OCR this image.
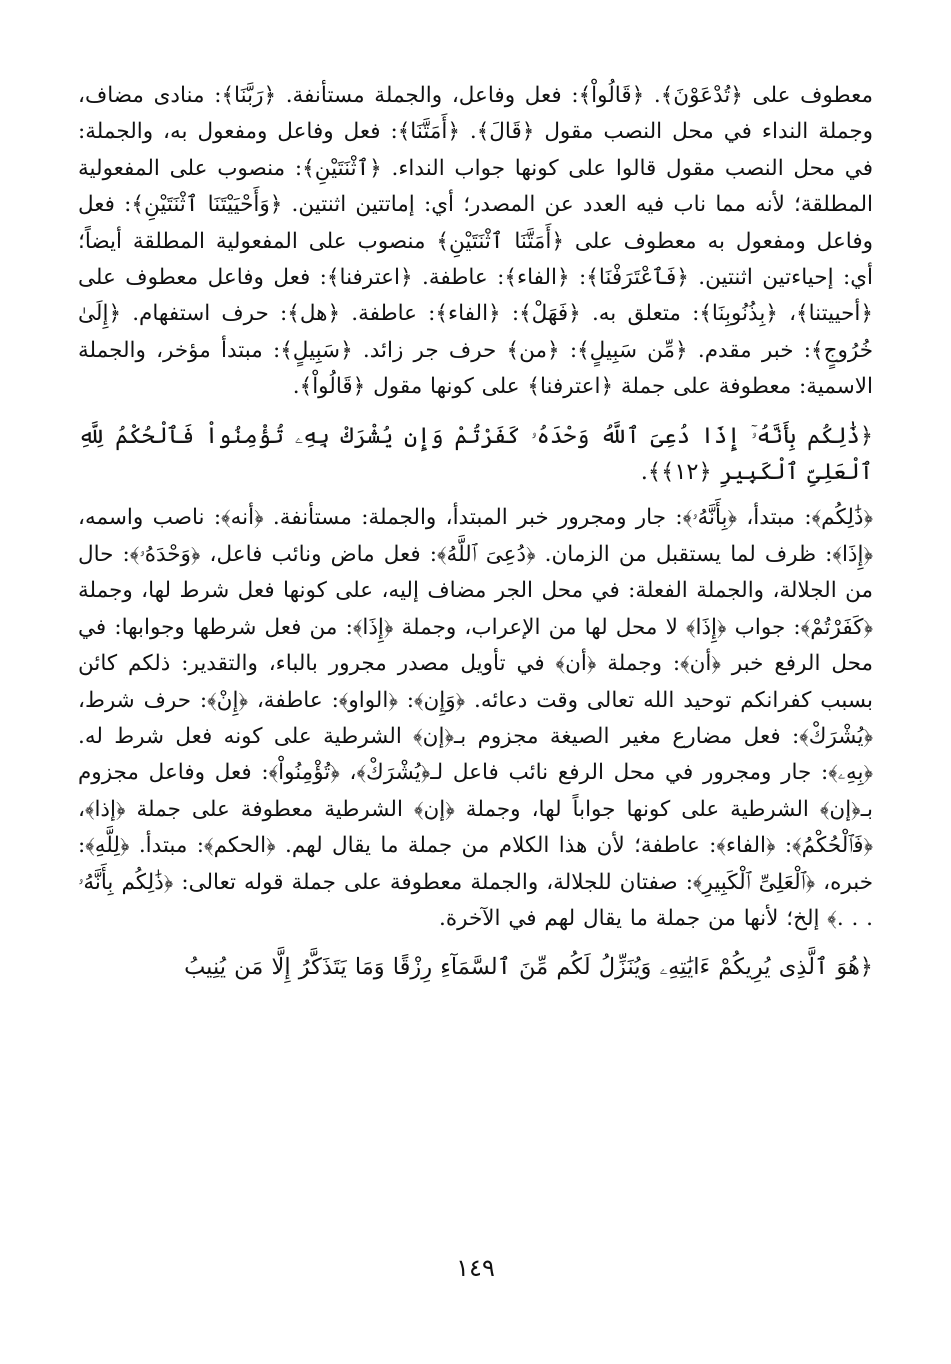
معطوف على ﴿تُدْعَوْنَ﴾. ﴿قَالُواْ﴾: فعل وفاعل، والجملة مستأنفة. ﴿رَبَّنَا﴾: منادى مضاف، وجملة النداء في محل النصب مقول ﴿قَالَ﴾. ﴿أَمَتَّنَا﴾: فعل وفاعل ومفعول به، والجملة: في محل النصب مقول قالوا على كونها جواب النداء. ﴿ٱثْنَتَيْنِ﴾: منصوب على المفعولية المطلقة؛ لأنه مما ناب فيه العدد عن المصدر؛ أي: إماتتين اثنتين. ﴿وَأَحْيَيْتَنَا ٱثْنَتَيْنِ﴾: فعل وفاعل ومفعول به معطوف على ﴿أَمَتَّنَا ٱثْنَتَيْنِ﴾ منصوب على المفعولية المطلقة أيضاً؛ أي: إحياءتين اثنتين. ﴿فَٱعْتَرَفْنَا﴾: ﴿الفاء﴾: عاطفة. ﴿اعترفنا﴾: فعل وفاعل معطوف على ﴿أحييتنا﴾، ﴿بِذُنُوبِنَا﴾: متعلق به. ﴿فَهَلْ﴾: ﴿الفاء﴾: عاطفة. ﴿هل﴾: حرف استفهام. ﴿إِلَىٰ خُرُوجٍ﴾: خبر مقدم. ﴿مِّن سَبِيلٍ﴾: ﴿من﴾ حرف جر زائد. ﴿سَبِيلٍ﴾: مبتدأ مؤخر، والجملة الاسمية: معطوفة على جملة ﴿اعترفنا﴾ على كونها مقول ﴿قَالُواْ﴾.

﴿ذَٰلِكُم بِأَنَّهُۥٓ إِذَا دُعِىَ ٱللَّهُ وَحْدَهُۥ كَفَرْتُمْ وَإِن يُشْرَكْ بِهِۦ تُؤْمِنُواْ فَٱلْحُكْمُ لِلَّهِ ٱلْعَلِىِّ ٱلْكَبِيرِ ﴿١٢﴾﴾.

﴿ذَٰلِكُم﴾: مبتدأ، ﴿بِأَنَّهُۥ﴾: جار ومجرور خبر المبتدأ، والجملة: مستأنفة. ﴿أنه﴾: ناصب واسمه، ﴿إِذَا﴾: ظرف لما يستقبل من الزمان. ﴿دُعِىَ ٱللَّهُ﴾: فعل ماض ونائب فاعل، ﴿وَحْدَهُۥ﴾: حال من الجلالة، والجملة الفعلة: في محل الجر مضاف إليه، على كونها فعل شرط لها، وجملة ﴿كَفَرْتُمْ﴾: جواب ﴿إِذَا﴾ لا محل لها من الإعراب، وجملة ﴿إِذَا﴾: من فعل شرطها وجوابها: في محل الرفع خبر ﴿أن﴾: وجملة ﴿أن﴾ في تأويل مصدر مجرور بالباء، والتقدير: ذلكم كائن بسبب كفرانكم توحيد الله تعالى وقت دعائه. ﴿وَإِن﴾: ﴿الواو﴾: عاطفة، ﴿إِنْ﴾: حرف شرط، ﴿يُشْرَكْ﴾: فعل مضارع مغير الصيغة مجزوم بـ﴿إن﴾ الشرطية على كونه فعل شرط له. ﴿بِهِۦ﴾: جار ومجرور في محل الرفع نائب فاعل لـ﴿يُشْرَكْ﴾، ﴿تُؤْمِنُواْ﴾: فعل وفاعل مجزوم بـ﴿إن﴾ الشرطية على كونها جواباً لها، وجملة ﴿إن﴾ الشرطية معطوفة على جملة ﴿إذا﴾، ﴿فَٱلْحُكْمُ﴾: ﴿الفاء﴾: عاطفة؛ لأن هذا الكلام من جملة ما يقال لهم. ﴿الحكم﴾: مبتدأ. ﴿لِلَّهِ﴾: خبره، ﴿ٱلْعَلِىِّ ٱلْكَبِيرِ﴾: صفتان للجلالة، والجملة معطوفة على جملة قوله تعالى: ﴿ذَٰلِكُم بِأَنَّهُۥ . . .﴾ إلخ؛ لأنها من جملة ما يقال لهم في الآخرة.

﴿هُوَ ٱلَّذِى يُرِيكُمْ ءَايَٰتِهِۦ وَيُنَزِّلُ لَكُم مِّنَ ٱلسَّمَآءِ رِزْقًا وَمَا يَتَذَكَّرُ إِلَّا مَن يُنِيبُ

١٤٩
